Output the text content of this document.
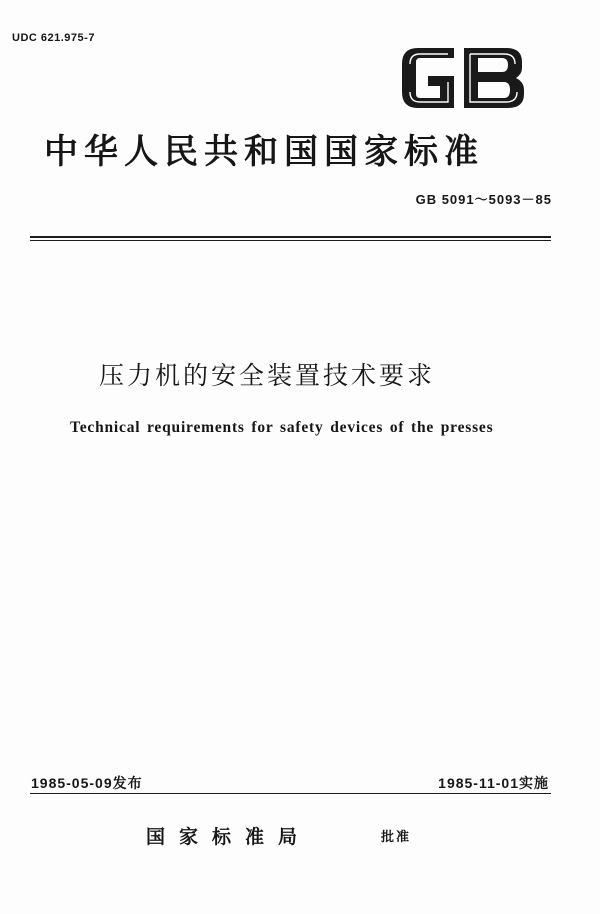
UDC 621.975-7
中华人民共和国国家标准
GB 5091～5093－85
压力机的安全装置技术要求
Technical requirements for safety devices of the presses
1985-05-09发布	1985-11-01实施
国家标准局	批准
